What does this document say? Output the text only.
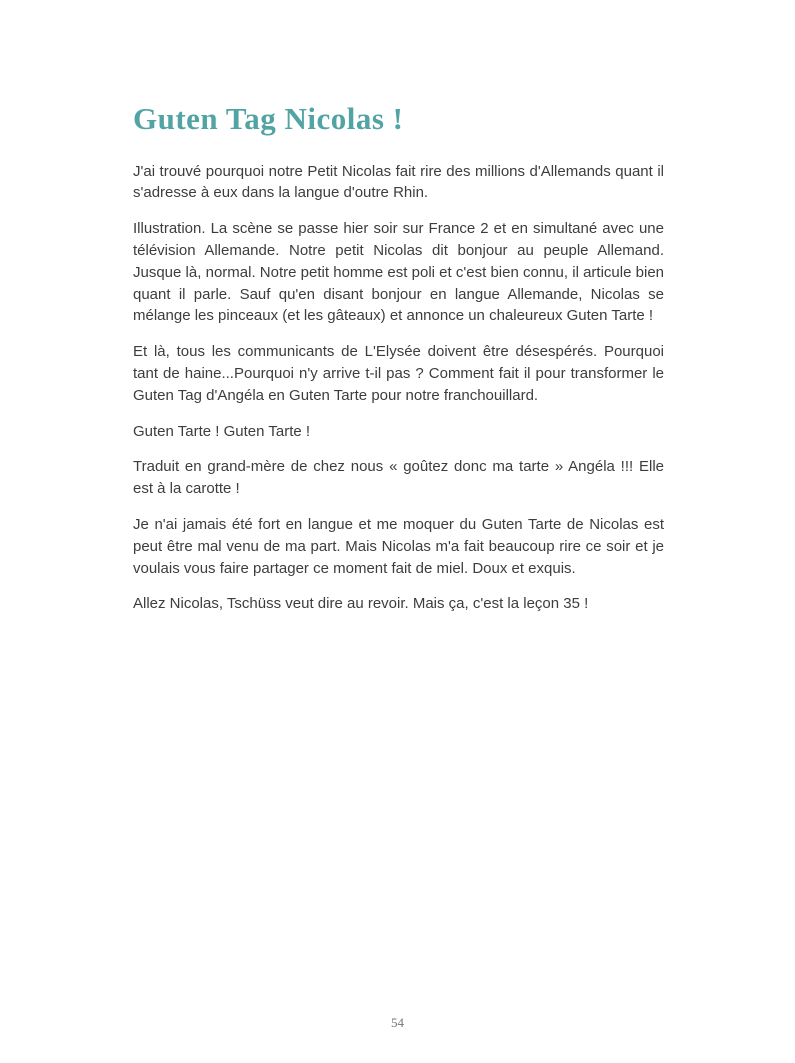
Guten Tag Nicolas !

J'ai trouvé pourquoi notre Petit Nicolas fait rire des millions d'Allemands quant il s'adresse à eux dans la langue d'outre Rhin.

Illustration. La scène se passe hier soir sur France 2 et en simultané avec une télévision Allemande. Notre petit Nicolas dit bonjour au peuple Allemand. Jusque là, normal. Notre petit homme est poli et c'est bien connu, il articule bien quant il parle. Sauf qu'en disant bonjour en langue Allemande, Nicolas se mélange les pinceaux (et les gâteaux) et annonce un chaleureux Guten Tarte !

Et là, tous les communicants de L'Elysée doivent être désespérés. Pourquoi tant de haine...Pourquoi n'y arrive t-il pas ? Comment fait il pour transformer le Guten Tag d'Angéla en Guten Tarte pour notre franchouillard.

Guten Tarte ! Guten Tarte !

Traduit en grand-mère de chez nous « goûtez donc ma tarte » Angéla !!! Elle est à la carotte !

Je n'ai jamais été fort en langue et me moquer du Guten Tarte de Nicolas est peut être mal venu de ma part. Mais Nicolas m'a fait beaucoup rire ce soir et je voulais vous faire partager ce moment fait de miel. Doux et exquis.

Allez Nicolas, Tschüss veut dire au revoir. Mais ça, c'est la leçon 35 !

54
